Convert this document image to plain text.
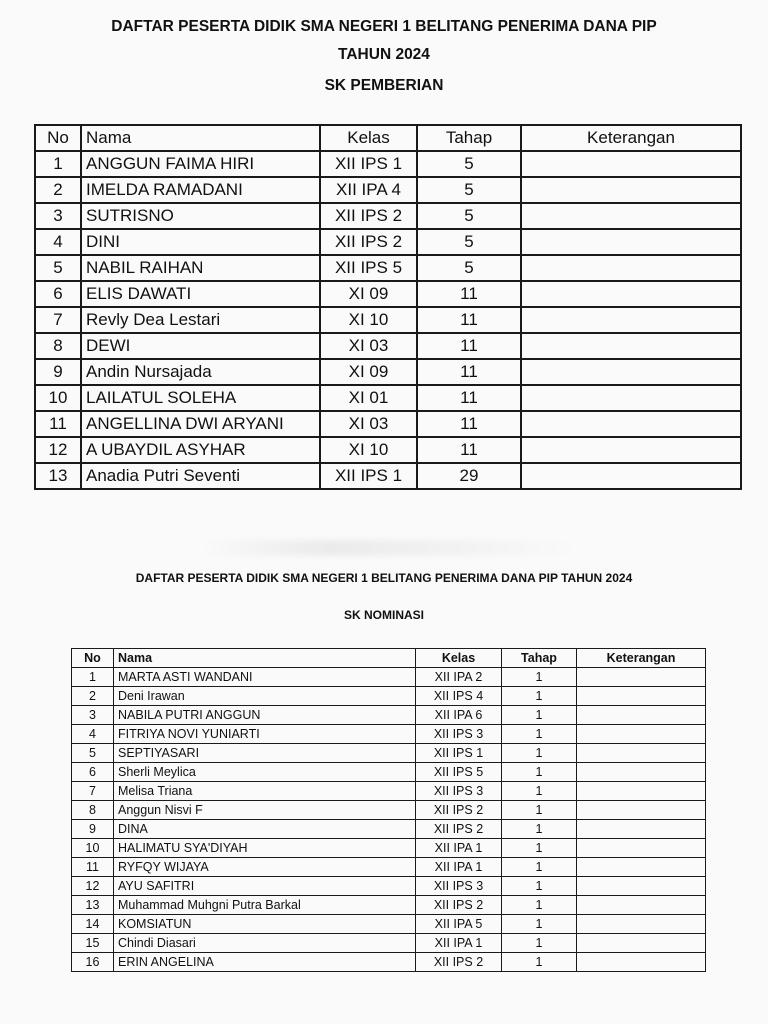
DAFTAR PESERTA DIDIK SMA NEGERI 1 BELITANG PENERIMA DANA PIP
TAHUN 2024
SK PEMBERIAN
No	Nama	Kelas	Tahap	Keterangan
1	ANGGUN FAIMA HIRI	XII IPS 1	5	
2	IMELDA RAMADANI	XII IPA 4	5	
3	SUTRISNO	XII IPS 2	5	
4	DINI	XII IPS 2	5	
5	NABIL RAIHAN	XII IPS 5	5	
6	ELIS DAWATI	XI 09	11	
7	Revly Dea Lestari	XI 10	11	
8	DEWI	XI 03	11	
9	Andin Nursajada	XI 09	11	
10	LAILATUL SOLEHA	XI 01	11	
11	ANGELLINA DWI ARYANI	XI 03	11	
12	A UBAYDIL ASYHAR	XI 10	11	
13	Anadia Putri Seventi	XII IPS 1	29	
DAFTAR PESERTA DIDIK SMA NEGERI 1 BELITANG PENERIMA DANA PIP TAHUN 2024
SK NOMINASI
No	Nama	Kelas	Tahap	Keterangan
1	MARTA ASTI WANDANI	XII IPA 2	1	
2	Deni Irawan	XII IPS 4	1	
3	NABILA PUTRI ANGGUN	XII IPA 6	1	
4	FITRIYA NOVI YUNIARTI	XII IPS 3	1	
5	SEPTIYASARI	XII IPS 1	1	
6	Sherli Meylica	XII IPS 5	1	
7	Melisa Triana	XII IPS 3	1	
8	Anggun Nisvi F	XII IPS 2	1	
9	DINA	XII IPS 2	1	
10	HALIMATU SYA'DIYAH	XII IPA 1	1	
11	RYFQY WIJAYA	XII IPA 1	1	
12	AYU SAFITRI	XII IPS 3	1	
13	Muhammad Muhgni Putra Barkal	XII IPS 2	1	
14	KOMSIATUN	XII IPA 5	1	
15	Chindi Diasari	XII IPA 1	1	
16	ERIN ANGELINA	XII IPS 2	1	
